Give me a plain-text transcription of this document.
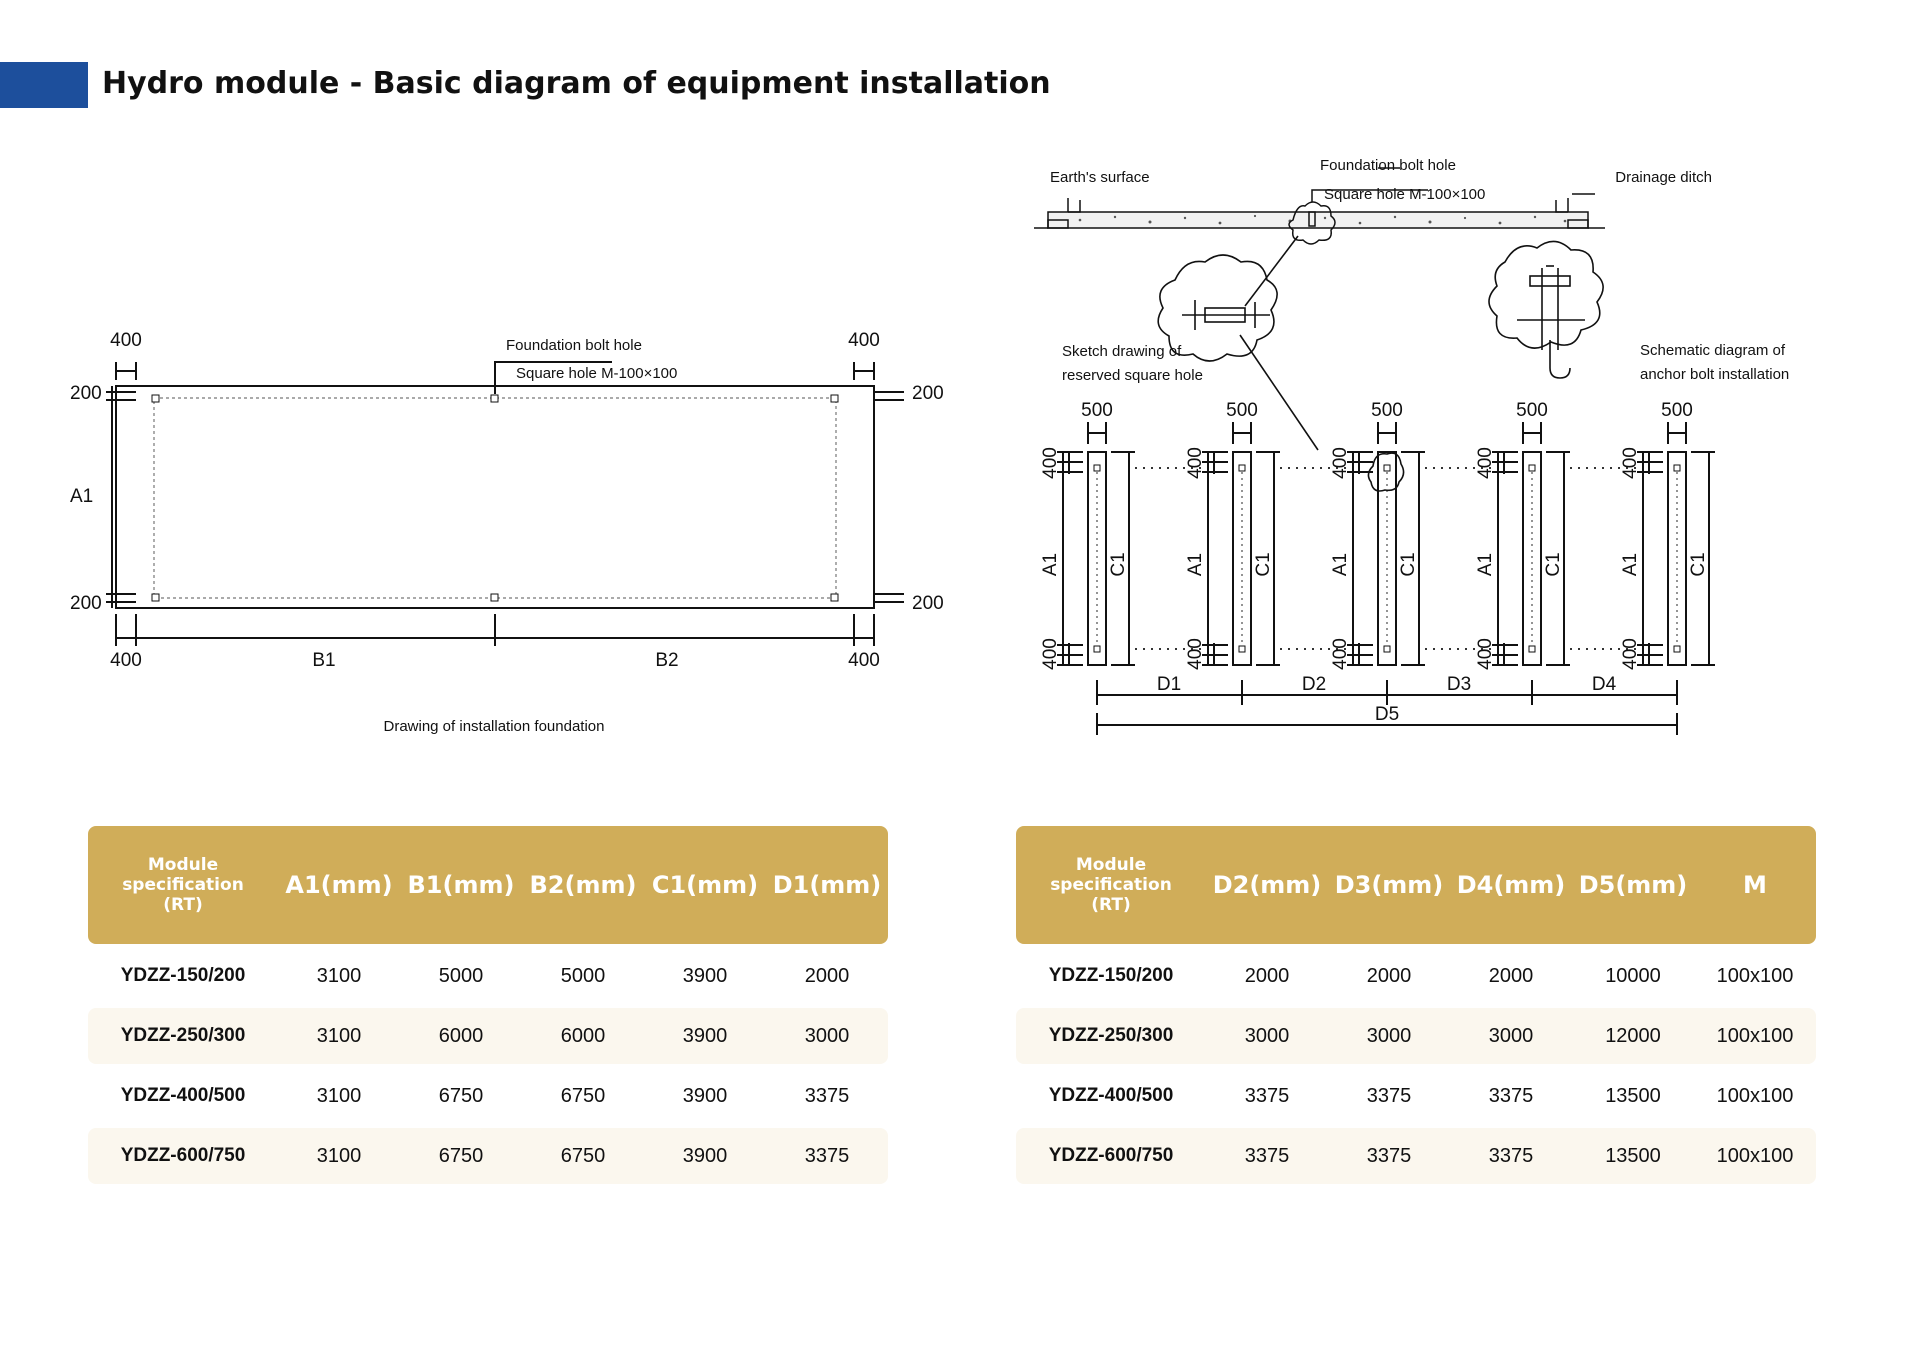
Hydro module - Basic diagram of equipment installation
400	400
Foundation bolt hole
Square hole M-100×100
200
A1
200
200
200
400	B1	B2	400
Drawing of installation foundation
Earth's surface
Foundation bolt hole
Square hole M-100×100
Drainage ditch
Sketch drawing of
reserved square hole
Schematic diagram of
anchor bolt installation
500
400
400
A1 C1
500
400
400
A1 C1
500
400
400
A1 C1
500
400
400
A1 C1
500
400
400
A1 C1
D1	D2	D3	D4
D5
Module
specification
(RT)	A1(mm)	B1(mm)	B2(mm)	C1(mm)	D1(mm)
YDZZ-150/200	3100	5000	5000	3900	2000
YDZZ-250/300	3100	6000	6000	3900	3000
YDZZ-400/500	3100	6750	6750	3900	3375
YDZZ-600/750	3100	6750	6750	3900	3375
Module
specification
(RT)	D2(mm)	D3(mm)	D4(mm)	D5(mm)	M
YDZZ-150/200	2000	2000	2000	10000	100x100
YDZZ-250/300	3000	3000	3000	12000	100x100
YDZZ-400/500	3375	3375	3375	13500	100x100
YDZZ-600/750	3375	3375	3375	13500	100x100
